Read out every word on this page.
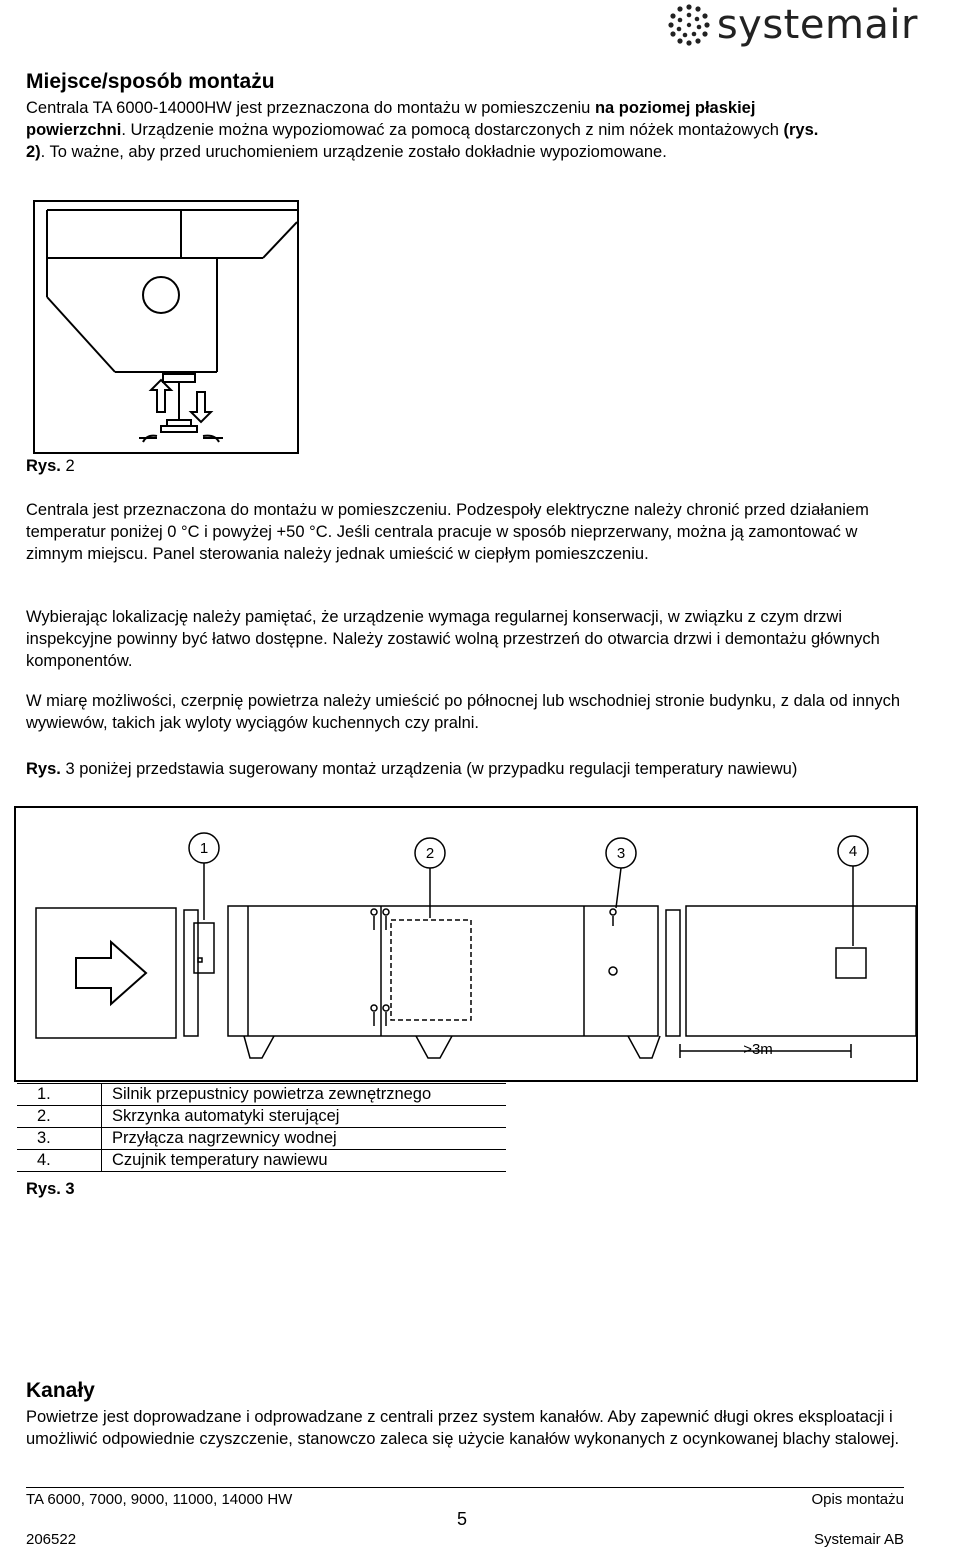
systemair
Miejsce/sposób montażu

Centrala TA 6000-14000HW jest przeznaczona do montażu w pomieszczeniu na poziomej płaskiej powierzchni. Urządzenie można wypoziomować za pomocą dostarczonych z nim nóżek montażowych (rys. 2). To ważne, aby przed uruchomieniem urządzenie zostało dokładnie wypoziomowane.

Rys. 2

Centrala jest przeznaczona do montażu w pomieszczeniu. Podzespoły elektryczne należy chronić przed działaniem temperatur poniżej 0 °C i powyżej +50 °C. Jeśli centrala pracuje w sposób nieprzerwany, można ją zamontować w zimnym miejscu. Panel sterowania należy jednak umieścić w ciepłym pomieszczeniu.

Wybierając lokalizację należy pamiętać, że urządzenie wymaga regularnej konserwacji, w związku z czym drzwi inspekcyjne powinny być łatwo dostępne. Należy zostawić wolną przestrzeń do otwarcia drzwi i demontażu głównych komponentów.

W miarę możliwości, czerpnię powietrza należy umieścić po północnej lub wschodniej stronie budynku, z dala od innych wywiewów, takich jak wyloty wyciągów kuchennych czy pralni.

Rys. 3 poniżej przedstawia sugerowany montaż urządzenia (w przypadku regulacji temperatury nawiewu)

1	2	3	4
>3m
1.	Silnik przepustnicy powietrza zewnętrznego
2.	Skrzynka automatyki sterującej
3.	Przyłącza nagrzewnicy wodnej
4.	Czujnik temperatury nawiewu
Rys. 3
Kanały

Powietrze jest doprowadzane i odprowadzane z centrali przez system kanałów. Aby zapewnić długi okres eksploatacji i umożliwić odpowiednie czyszczenie, stanowczo zaleca się użycie kanałów wykonanych z ocynkowanej blachy stalowej.

TA 6000, 7000, 9000, 11000, 14000 HW	Opis montażu
5
206522	Systemair AB
